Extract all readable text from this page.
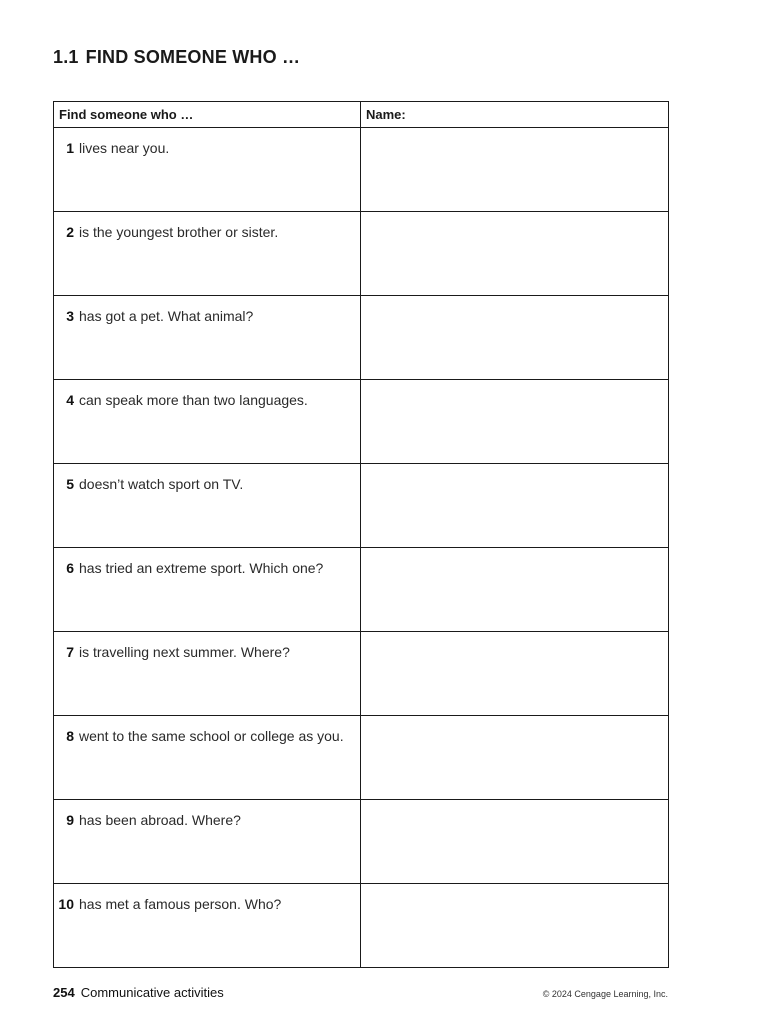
1.1 FIND SOMEONE WHO …
Find someone who …	Name:

1 lives near you.	

2 is the youngest brother or sister.	

3 has got a pet. What animal?	

4 can speak more than two languages.	

5 doesn’t watch sport on TV.	

6 has tried an extreme sport. Which one?	

7 is travelling next summer. Where?	

8 went to the same school or college as you.	

9 has been abroad. Where?	

10 has met a famous person. Who?	

254 Communicative activities	© 2024 Cengage Learning, Inc.
